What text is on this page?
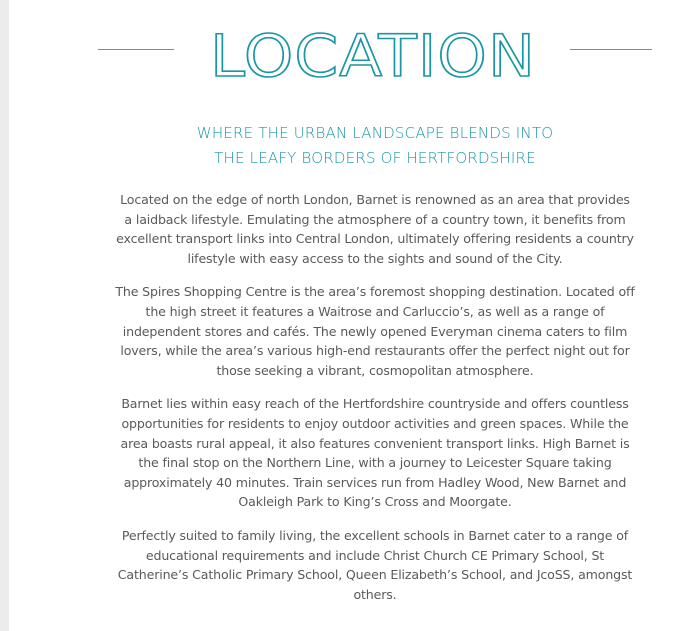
LOCATION
WHERE THE URBAN LANDSCAPE BLENDS INTO
THE LEAFY BORDERS OF HERTFORDSHIRE

Located on the edge of north London, Barnet is renowned as an area that provides a laidback lifestyle. Emulating the atmosphere of a country town, it benefits from excellent transport links into Central London, ultimately offering residents a country lifestyle with easy access to the sights and sound of the City.

The Spires Shopping Centre is the area’s foremost shopping destination. Located off the high street it features a Waitrose and Carluccio’s, as well as a range of independent stores and cafés. The newly opened Everyman cinema caters to film lovers, while the area’s various high-end restaurants offer the perfect night out for those seeking a vibrant, cosmopolitan atmosphere.

Barnet lies within easy reach of the Hertfordshire countryside and offers countless opportunities for residents to enjoy outdoor activities and green spaces. While the area boasts rural appeal, it also features convenient transport links. High Barnet is the final stop on the Northern Line, with a journey to Leicester Square taking approximately 40 minutes. Train services run from Hadley Wood, New Barnet and Oakleigh Park to King’s Cross and Moorgate.

Perfectly suited to family living, the excellent schools in Barnet cater to a range of educational requirements and include Christ Church CE Primary School, St Catherine’s Catholic Primary School, Queen Elizabeth’s School, and JcoSS, amongst others.
